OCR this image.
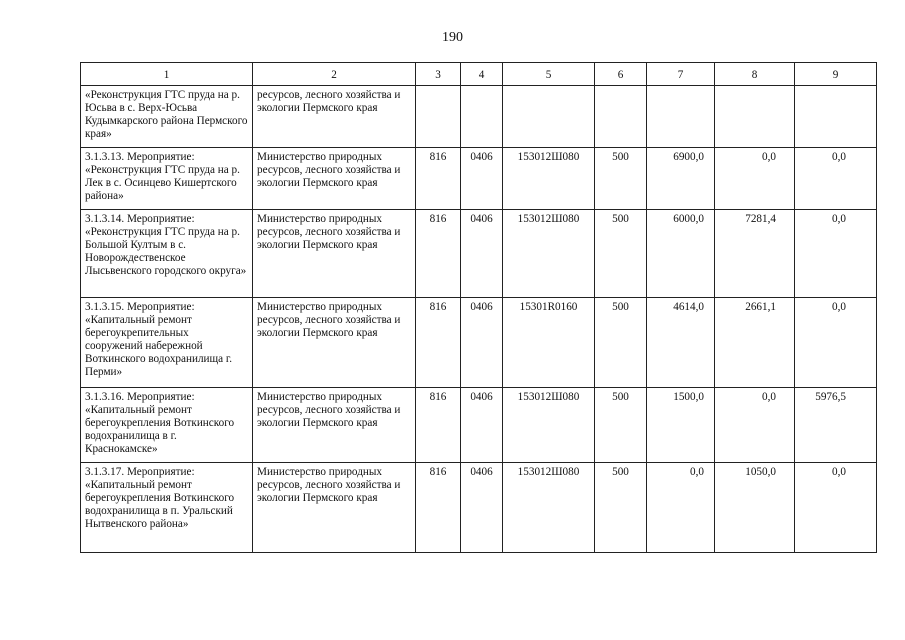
190
1	2	3	4	5	6	7	8	9
«Реконструкция ГТС пруда на р. Юсьва в с. Верх-Юсьва Кудымкарского района Пермского края»	ресурсов, лесного хозяйства и экологии Пермского края							
3.1.3.13. Мероприятие: «Реконструкция ГТС пруда на р. Лек в с. Осинцево Кишертского района»	Министерство природных ресурсов, лесного хозяйства и экологии Пермского края	816	0406	153012Ш080	500	6900,0	0,0	0,0
3.1.3.14. Мероприятие: «Реконструкция ГТС пруда на р. Большой Култым в с. Новорождественское Лысьвенского городского округа»	Министерство природных ресурсов, лесного хозяйства и экологии Пермского края	816	0406	153012Ш080	500	6000,0	7281,4	0,0
3.1.3.15. Мероприятие: «Капитальный ремонт берегоукрепительных сооружений набережной Воткинского водохранилища г. Перми»	Министерство природных ресурсов, лесного хозяйства и экологии Пермского края	816	0406	15301R0160	500	4614,0	2661,1	0,0
3.1.3.16. Мероприятие: «Капитальный ремонт берегоукрепления Воткинского водохранилища в г. Краснокамске»	Министерство природных ресурсов, лесного хозяйства и экологии Пермского края	816	0406	153012Ш080	500	1500,0	0,0	5976,5
3.1.3.17. Мероприятие: «Капитальный ремонт берегоукрепления Воткинского водохранилища в п. Уральский Нытвенского района»	Министерство природных ресурсов, лесного хозяйства и экологии Пермского края	816	0406	153012Ш080	500	0,0	1050,0	0,0
